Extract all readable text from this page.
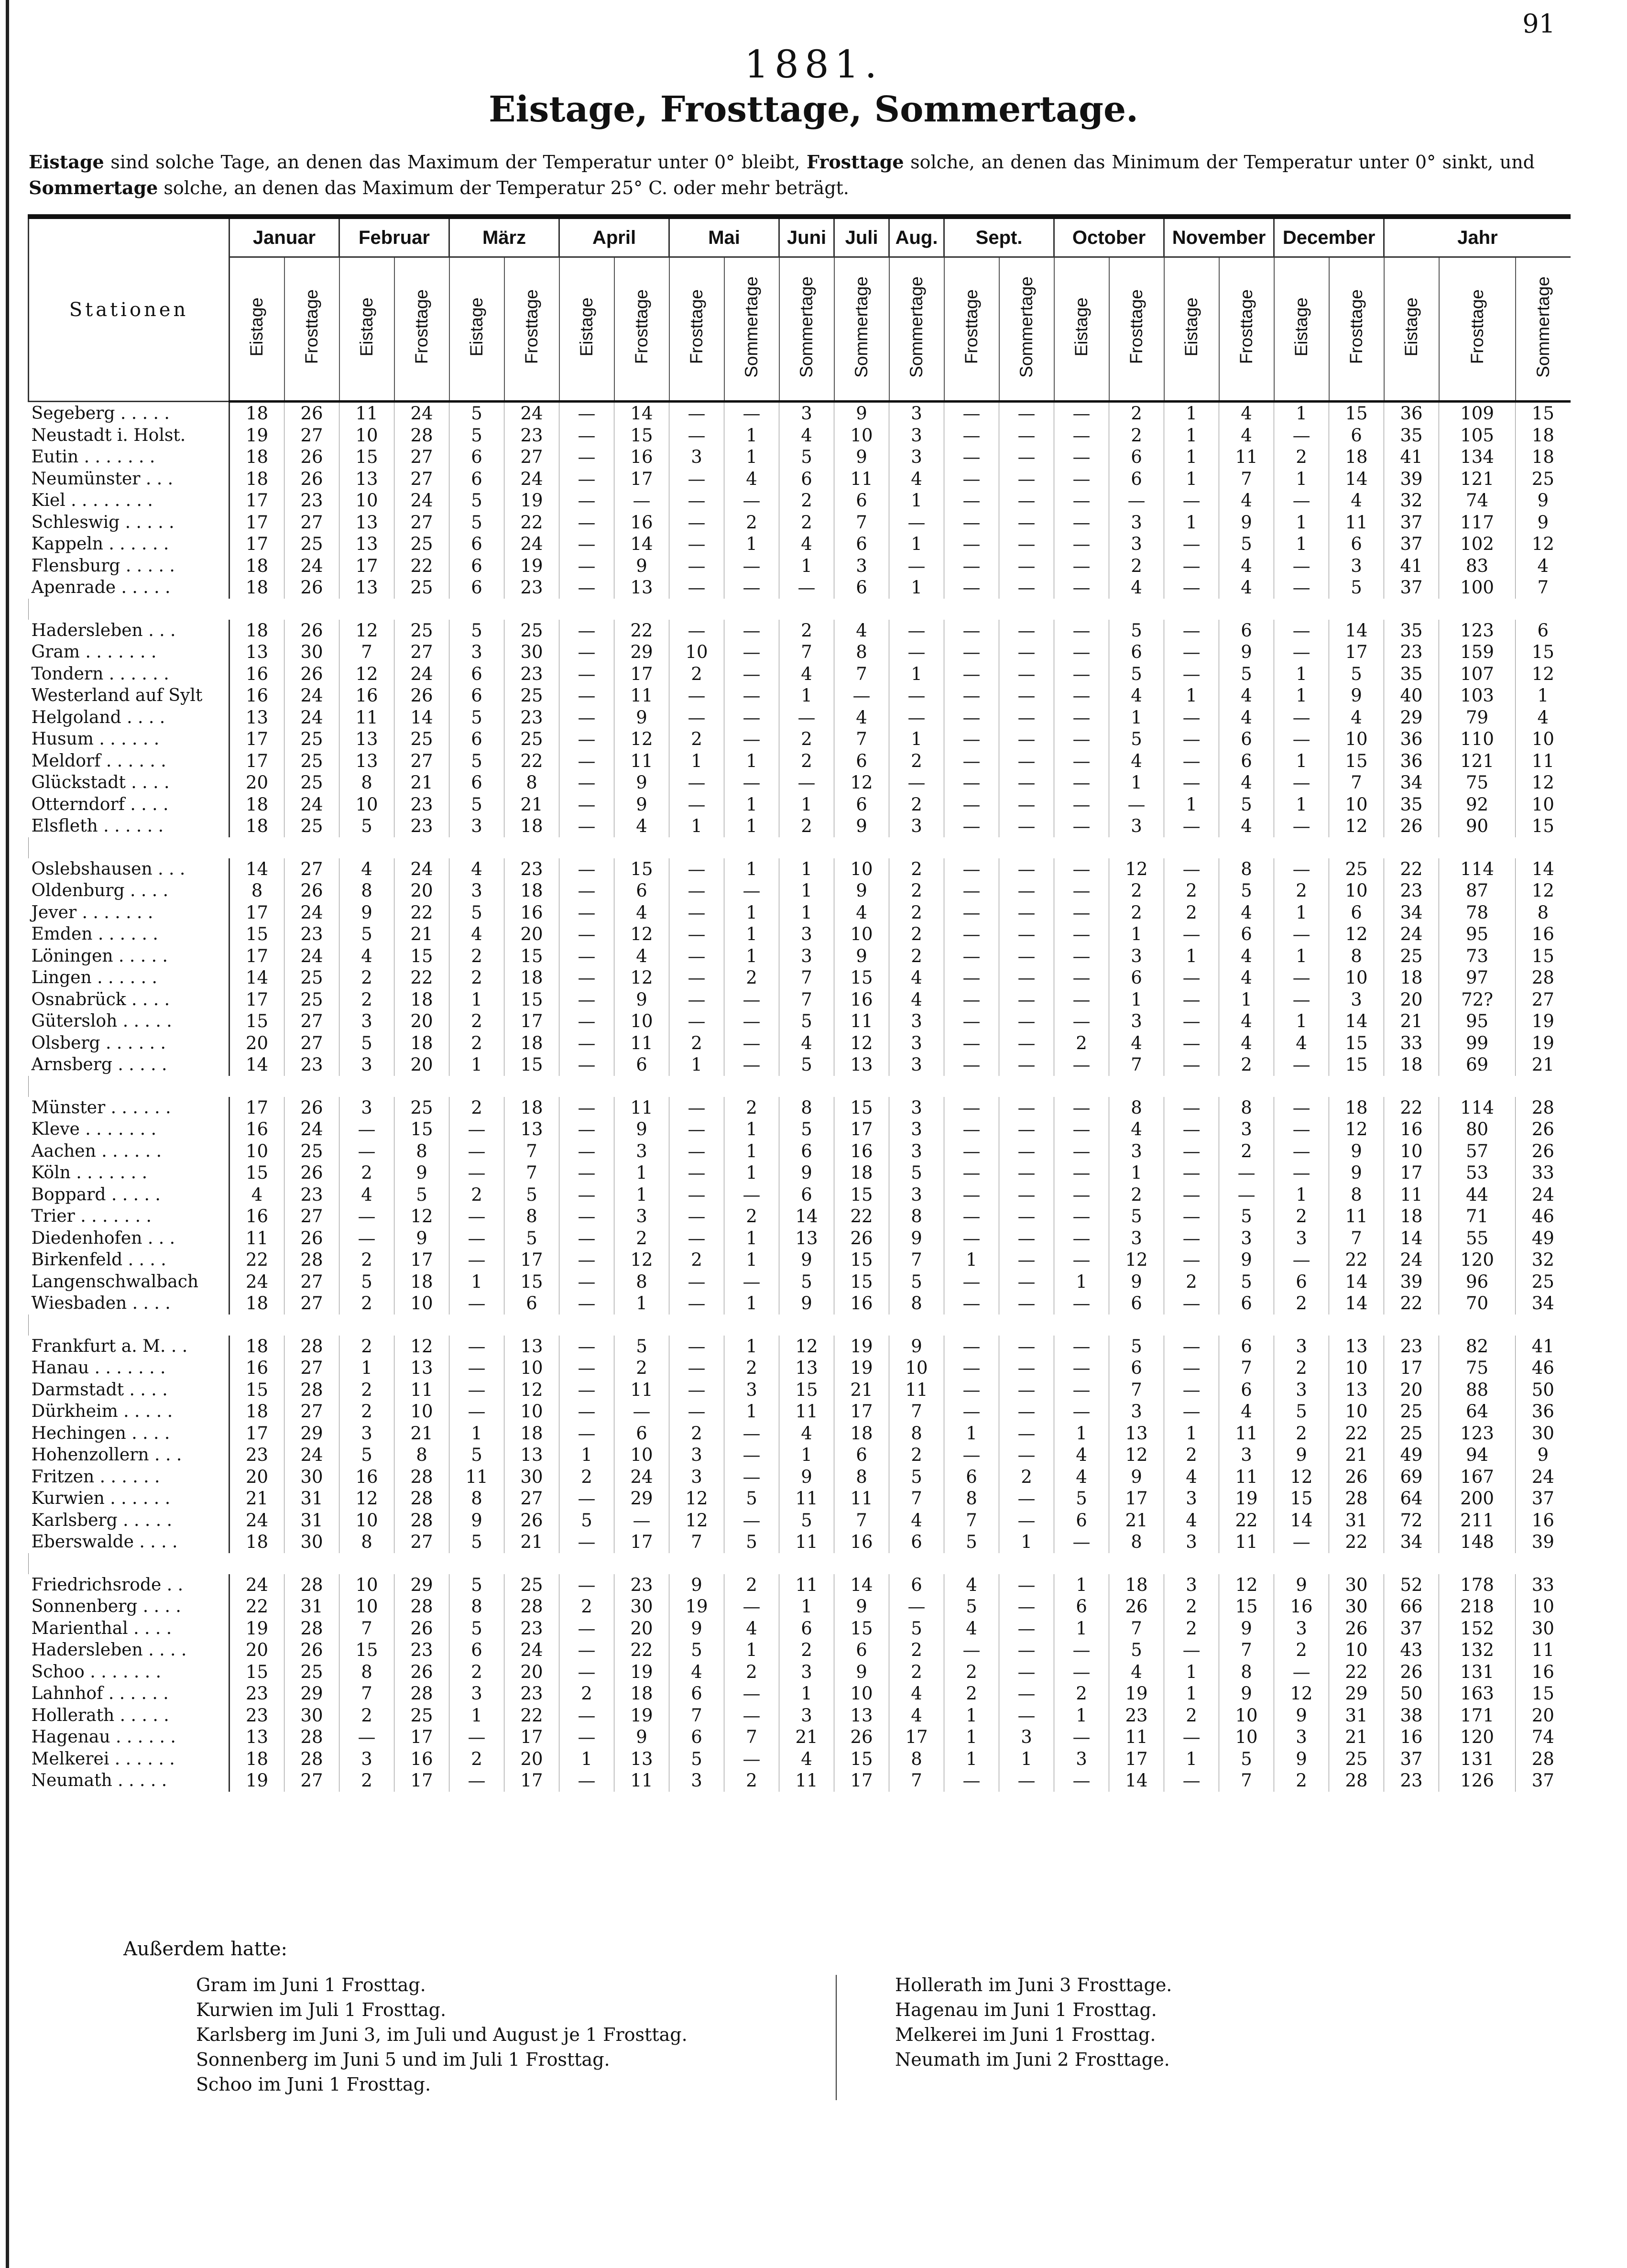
91
1881.
Eistage, Frosttage, Sommertage.
Eistage sind solche Tage, an denen das Maximum der Temperatur unter 0° bleibt, Frosttage solche, an denen das Minimum der Temperatur unter 0° sinkt, und Sommertage solche, an denen das Maximum der Temperatur 25° C. oder mehr beträgt.
Stationen	Januar		Februar		März		April		Mai		Juni	Juli	Aug.	Sept.		October		November		December		Jahr		
	Eistage	Frosttage	Eistage	Frosttage	Eistage	Frosttage	Eistage	Frosttage	Frosttage	Sommertage	Sommertage	Sommertage	Sommertage	Frosttage	Sommertage	Eistage	Frosttage	Eistage	Frosttage	Eistage	Frosttage	Eistage	Frosttage	Sommertage
Segeberg . . . . .	18	26	11	24	5	24	—	14	—	—	3	9	3	—	—	—	2	1	4	1	15	36	109	15
Neustadt i. Holst.	19	27	10	28	5	23	—	15	—	1	4	10	3	—	—	—	2	1	4	—	6	35	105	18
Eutin . . . . . . .	18	26	15	27	6	27	—	16	3	1	5	9	3	—	—	—	6	1	11	2	18	41	134	18
Neumünster . . .	18	26	13	27	6	24	—	17	—	4	6	11	4	—	—	—	6	1	7	1	14	39	121	25
Kiel . . . . . . . .	17	23	10	24	5	19	—	—	—	—	2	6	1	—	—	—	—	—	4	—	4	32	74	9
Schleswig . . . . .	17	27	13	27	5	22	—	16	—	2	2	7	—	—	—	—	3	1	9	1	11	37	117	9
Kappeln . . . . . .	17	25	13	25	6	24	—	14	—	1	4	6	1	—	—	—	3	—	5	1	6	37	102	12
Flensburg . . . . .	18	24	17	22	6	19	—	9	—	—	1	3	—	—	—	—	2	—	4	—	3	41	83	4
Apenrade . . . . .	18	26	13	25	6	23	—	13	—	—	—	6	1	—	—	—	4	—	4	—	5	37	100	7

Hadersleben . . .	18	26	12	25	5	25	—	22	—	—	2	4	—	—	—	—	5	—	6	—	14	35	123	6
Gram . . . . . . .	13	30	7	27	3	30	—	29	10	—	7	8	—	—	—	—	6	—	9	—	17	23	159	15
Tondern . . . . . .	16	26	12	24	6	23	—	17	2	—	4	7	1	—	—	—	5	—	5	1	5	35	107	12
Westerland auf Sylt	16	24	16	26	6	25	—	11	—	—	1	—	—	—	—	—	4	1	4	1	9	40	103	1
Helgoland . . . .	13	24	11	14	5	23	—	9	—	—	—	4	—	—	—	—	1	—	4	—	4	29	79	4
Husum . . . . . .	17	25	13	25	6	25	—	12	2	—	2	7	1	—	—	—	5	—	6	—	10	36	110	10
Meldorf . . . . . .	17	25	13	27	5	22	—	11	1	1	2	6	2	—	—	—	4	—	6	1	15	36	121	11
Glückstadt . . . .	20	25	8	21	6	8	—	9	—	—	—	12	—	—	—	—	1	—	4	—	7	34	75	12
Otterndorf . . . .	18	24	10	23	5	21	—	9	—	1	1	6	2	—	—	—	—	1	5	1	10	35	92	10
Elsfleth . . . . . .	18	25	5	23	3	18	—	4	1	1	2	9	3	—	—	—	3	—	4	—	12	26	90	15

Oslebshausen . . .	14	27	4	24	4	23	—	15	—	1	1	10	2	—	—	—	12	—	8	—	25	22	114	14
Oldenburg . . . .	8	26	8	20	3	18	—	6	—	—	1	9	2	—	—	—	2	2	5	2	10	23	87	12
Jever . . . . . . .	17	24	9	22	5	16	—	4	—	1	1	4	2	—	—	—	2	2	4	1	6	34	78	8
Emden . . . . . .	15	23	5	21	4	20	—	12	—	1	3	10	2	—	—	—	1	—	6	—	12	24	95	16
Löningen . . . . .	17	24	4	15	2	15	—	4	—	1	3	9	2	—	—	—	3	1	4	1	8	25	73	15
Lingen . . . . . .	14	25	2	22	2	18	—	12	—	2	7	15	4	—	—	—	6	—	4	—	10	18	97	28
Osnabrück . . . .	17	25	2	18	1	15	—	9	—	—	7	16	4	—	—	—	1	—	1	—	3	20	72?	27
Gütersloh . . . . .	15	27	3	20	2	17	—	10	—	—	5	11	3	—	—	—	3	—	4	1	14	21	95	19
Olsberg . . . . . .	20	27	5	18	2	18	—	11	2	—	4	12	3	—	—	2	4	—	4	4	15	33	99	19
Arnsberg . . . . .	14	23	3	20	1	15	—	6	1	—	5	13	3	—	—	—	7	—	2	—	15	18	69	21

Münster . . . . . .	17	26	3	25	2	18	—	11	—	2	8	15	3	—	—	—	8	—	8	—	18	22	114	28
Kleve . . . . . . .	16	24	—	15	—	13	—	9	—	1	5	17	3	—	—	—	4	—	3	—	12	16	80	26
Aachen . . . . . .	10	25	—	8	—	7	—	3	—	1	6	16	3	—	—	—	3	—	2	—	9	10	57	26
Köln . . . . . . .	15	26	2	9	—	7	—	1	—	1	9	18	5	—	—	—	1	—	—	—	9	17	53	33
Boppard . . . . .	4	23	4	5	2	5	—	1	—	—	6	15	3	—	—	—	2	—	—	1	8	11	44	24
Trier . . . . . . .	16	27	—	12	—	8	—	3	—	2	14	22	8	—	—	—	5	—	5	2	11	18	71	46
Diedenhofen . . .	11	26	—	9	—	5	—	2	—	1	13	26	9	—	—	—	3	—	3	3	7	14	55	49
Birkenfeld . . . .	22	28	2	17	—	17	—	12	2	1	9	15	7	1	—	—	12	—	9	—	22	24	120	32
Langenschwalbach	24	27	5	18	1	15	—	8	—	—	5	15	5	—	—	1	9	2	5	6	14	39	96	25
Wiesbaden . . . .	18	27	2	10	—	6	—	1	—	1	9	16	8	—	—	—	6	—	6	2	14	22	70	34

Frankfurt a. M. . .	18	28	2	12	—	13	—	5	—	1	12	19	9	—	—	—	5	—	6	3	13	23	82	41
Hanau . . . . . . .	16	27	1	13	—	10	—	2	—	2	13	19	10	—	—	—	6	—	7	2	10	17	75	46
Darmstadt . . . .	15	28	2	11	—	12	—	11	—	3	15	21	11	—	—	—	7	—	6	3	13	20	88	50
Dürkheim . . . . .	18	27	2	10	—	10	—	—	—	1	11	17	7	—	—	—	3	—	4	5	10	25	64	36
Hechingen . . . .	17	29	3	21	1	18	—	6	2	—	4	18	8	1	—	1	13	1	11	2	22	25	123	30
Hohenzollern . . .	23	24	5	8	5	13	1	10	3	—	1	6	2	—	—	4	12	2	3	9	21	49	94	9
Fritzen . . . . . .	20	30	16	28	11	30	2	24	3	—	9	8	5	6	2	4	9	4	11	12	26	69	167	24
Kurwien . . . . . .	21	31	12	28	8	27	—	29	12	5	11	11	7	8	—	5	17	3	19	15	28	64	200	37
Karlsberg . . . . .	24	31	10	28	9	26	5	—	12	—	5	7	4	7	—	6	21	4	22	14	31	72	211	16
Eberswalde . . . .	18	30	8	27	5	21	—	17	7	5	11	16	6	5	1	—	8	3	11	—	22	34	148	39

Friedrichsrode . .	24	28	10	29	5	25	—	23	9	2	11	14	6	4	—	1	18	3	12	9	30	52	178	33
Sonnenberg . . . .	22	31	10	28	8	28	2	30	19	—	1	9	—	5	—	6	26	2	15	16	30	66	218	10
Marienthal . . . .	19	28	7	26	5	23	—	20	9	4	6	15	5	4	—	1	7	2	9	3	26	37	152	30
Hadersleben . . . .	20	26	15	23	6	24	—	22	5	1	2	6	2	—	—	—	5	—	7	2	10	43	132	11
Schoo . . . . . . .	15	25	8	26	2	20	—	19	4	2	3	9	2	2	—	—	4	1	8	—	22	26	131	16
Lahnhof . . . . . .	23	29	7	28	3	23	2	18	6	—	1	10	4	2	—	2	19	1	9	12	29	50	163	15
Hollerath . . . . .	23	30	2	25	1	22	—	19	7	—	3	13	4	1	—	1	23	2	10	9	31	38	171	20
Hagenau . . . . . .	13	28	—	17	—	17	—	9	6	7	21	26	17	1	3	—	11	—	10	3	21	16	120	74
Melkerei . . . . . .	18	28	3	16	2	20	1	13	5	—	4	15	8	1	1	3	17	1	5	9	25	37	131	28
Neumath . . . . .	19	27	2	17	—	17	—	11	3	2	11	17	7	—	—	—	14	—	7	2	28	23	126	37
Außerdem hatte:
Gram im Juni 1 Frosttag.
Kurwien im Juli 1 Frosttag.
Karlsberg im Juni 3, im Juli und August je 1 Frosttag.
Sonnenberg im Juni 5 und im Juli 1 Frosttag.
Schoo im Juni 1 Frosttag.
Hollerath im Juni 3 Frosttage.
Hagenau im Juni 1 Frosttag.
Melkerei im Juni 1 Frosttag.
Neumath im Juni 2 Frosttage.
